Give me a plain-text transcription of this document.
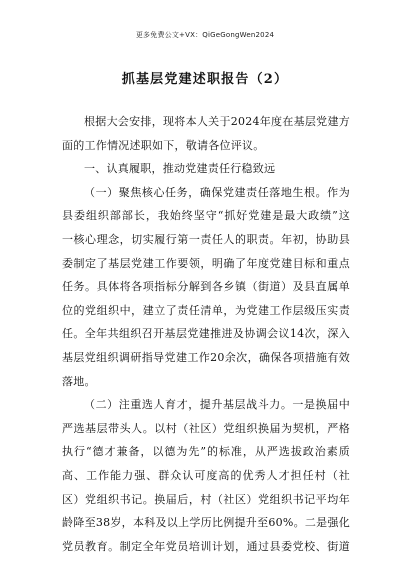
更多免费公文+VX：QiGeGongWen2024
抓基层党建述职报告（2）
根据大会安排，现将本人关于2024年度在基层党建方
面的工作情况述职如下，敬请各位评议。
一、认真履职，推动党建责任行稳致远
（一）聚焦核心任务，确保党建责任落地生根。作为
县委组织部部长，我始终坚守“抓好党建是最大政绩”这
一核心理念，切实履行第一责任人的职责。年初，协助县
委制定了基层党建工作要领，明确了年度党建目标和重点
任务。具体将各项指标分解到各乡镇（街道）及县直属单
位的党组织中，建立了责任清单，为党建工作层级压实责
任。全年共组织召开基层党建推进及协调会议14次，深入
基层党组织调研指导党建工作20余次，确保各项措施有效
落地。
（二）注重选人育才，提升基层战斗力。一是换届中
严选基层带头人。以村（社区）党组织换届为契机，严格
执行“德才兼备，以德为先”的标准，从严选拔政治素质
高、工作能力强、群众认可度高的优秀人才担任村（社
区）党组织书记。换届后，村（社区）党组织书记平均年
龄降至38岁，本科及以上学历比例提升至60%。二是强化
党员教育。制定全年党员培训计划，通过县委党校、街道
